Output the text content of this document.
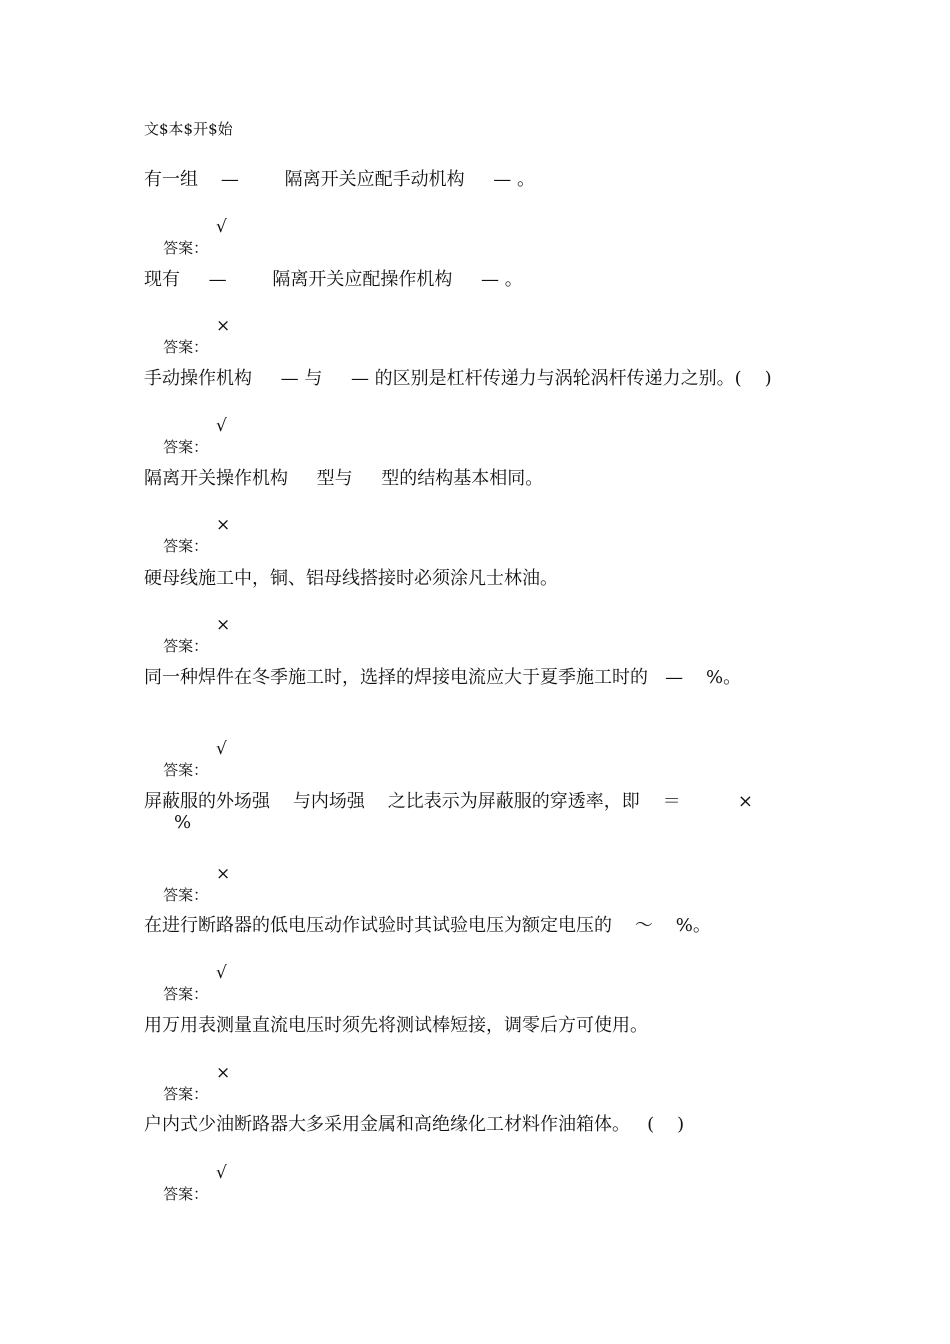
文$本$开$始
有一组    —        隔离开关应配手动机构     — 。

答案：
√

现有     —        隔离开关应配操作机构     — 。

答案：
×

手动操作机构     — 与     — 的区别是杠杆传递力与涡轮涡杆传递力之别。(    )

答案：
√

隔离开关操作机构     型与     型的结构基本相同。

答案：
×

硬母线施工中，铜、铝母线搭接时必须涂凡士林油。

答案：
×

同一种焊件在冬季施工时，选择的焊接电流应大于夏季施工时的   —    %。

答案：
√

屏蔽服的外场强    与内场强    之比表示为屏蔽服的穿透率，即    ＝          ×
%

答案：
×

在进行断路器的低电压动作试验时其试验电压为额定电压的    ～    %。

答案：
√

用万用表测量直流电压时须先将测试棒短接，调零后方可使用。

答案：
×

户内式少油断路器大多采用金属和高绝缘化工材料作油箱体。   (    )

答案：
√
